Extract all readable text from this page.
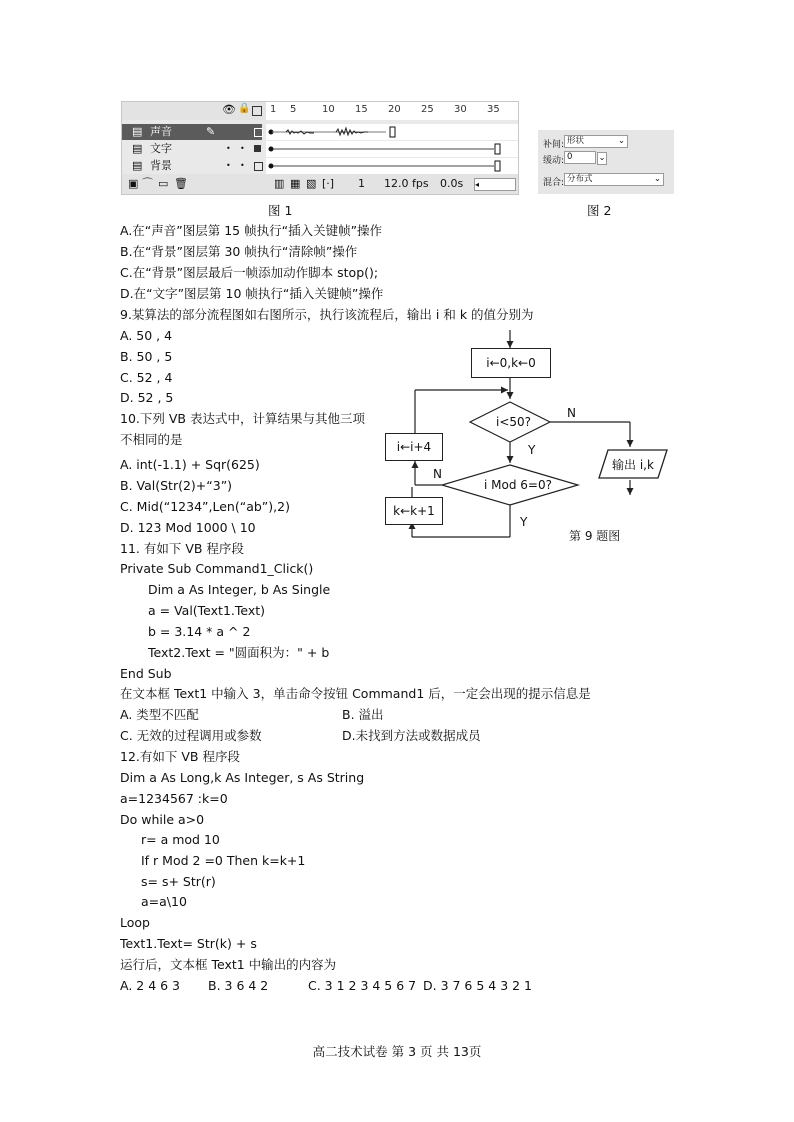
👁 🔒 1 5	10 15 20 25 30 35
▤ 声音	✎
▤ 文字	• •
▤ 背景	• •
▣ ⌒ ▭ 🗑	▥ ▦ ▧ [·] 1 12.0 fps 0.0s ◂
图 1
补间: 形状	⌄
缓动: 0	⌄
混合: 分布式	⌄
图 2
A.在“声音”图层第 15 帧执行“插入关键帧”操作
B.在“背景”图层第 30 帧执行“清除帧”操作
C.在“背景”图层最后一帧添加动作脚本 stop();
D.在“文字”图层第 10 帧执行“插入关键帧”操作
9.某算法的部分流程图如右图所示，执行该流程后，输出 i 和 k 的值分别为
A. 50 , 4
B. 50 , 5
C. 52 , 4
D. 52 , 5
i←0,k←0
i<50?
i Mod 6=0?
i←i+4
k←k+1
输出 i,k
N
Y
N
Y
第 9 题图
10.下列 VB 表达式中，计算结果与其他三项
不相同的是
A. int(-1.1) + Sqr(625)
B. Val(Str(2)+“3”)
C. Mid(“1234”,Len(“ab”),2)
D. 123 Mod 1000 \ 10
11. 有如下 VB 程序段
Private Sub Command1_Click()
Dim a As Integer, b As Single
a = Val(Text1.Text)
b = 3.14 * a ^ 2
Text2.Text = "圆面积为：" + b
End Sub
在文本框 Text1 中输入 3，单击命令按钮 Command1 后，一定会出现的提示信息是
A. 类型不匹配	B. 溢出
C. 无效的过程调用或参数	D.未找到方法或数据成员
12.有如下 VB 程序段
Dim a As Long,k As Integer, s As String
a=1234567 :k=0
Do while a>0
r= a mod 10
If r Mod 2 =0 Then k=k+1
s= s+ Str(r)
a=a\10
Loop
Text1.Text= Str(k) + s
运行后，文本框 Text1 中输出的内容为
A. 2 4 6 3 B. 3 6 4 2	C. 3 1 2 3 4 5 6 7 D. 3 7 6 5 4 3 2 1
高二技术试卷 第 3 页 共 13页
